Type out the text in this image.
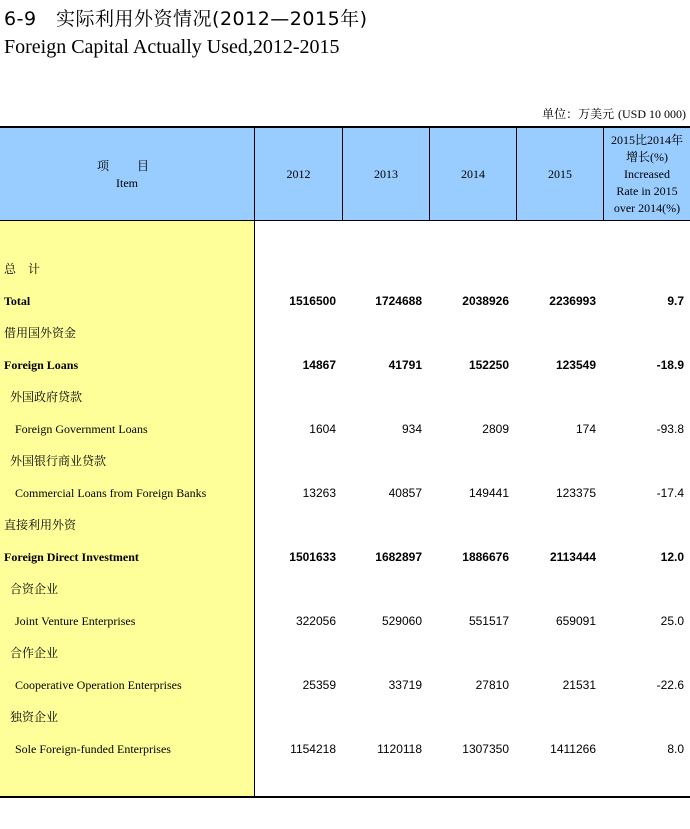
6-9　实际利用外资情况(2012—2015年)
Foreign Capital Actually Used,2012-2015
单位：万美元 (USD 10 000)
项　目
Item
2012	2013	2014	2015
2015比2014年
增长(%)
Increased
Rate in 2015
over 2014(%)
总　计
Total	1516500	1724688	2038926	2236993	9.7
借用国外资金
Foreign Loans	14867	41791	152250	123549	-18.9
外国政府贷款
Foreign Government Loans	1604	934	2809	174	-93.8
外国银行商业贷款
Commercial Loans from Foreign Banks	13263	40857	149441	123375	-17.4
直接利用外资
Foreign Direct Investment	1501633	1682897	1886676	2113444	12.0
合资企业
Joint Venture Enterprises	322056	529060	551517	659091	25.0
合作企业
Cooperative Operation Enterprises	25359	33719	27810	21531	-22.6
独资企业
Sole Foreign-funded Enterprises	1154218	1120118	1307350	1411266	8.0
